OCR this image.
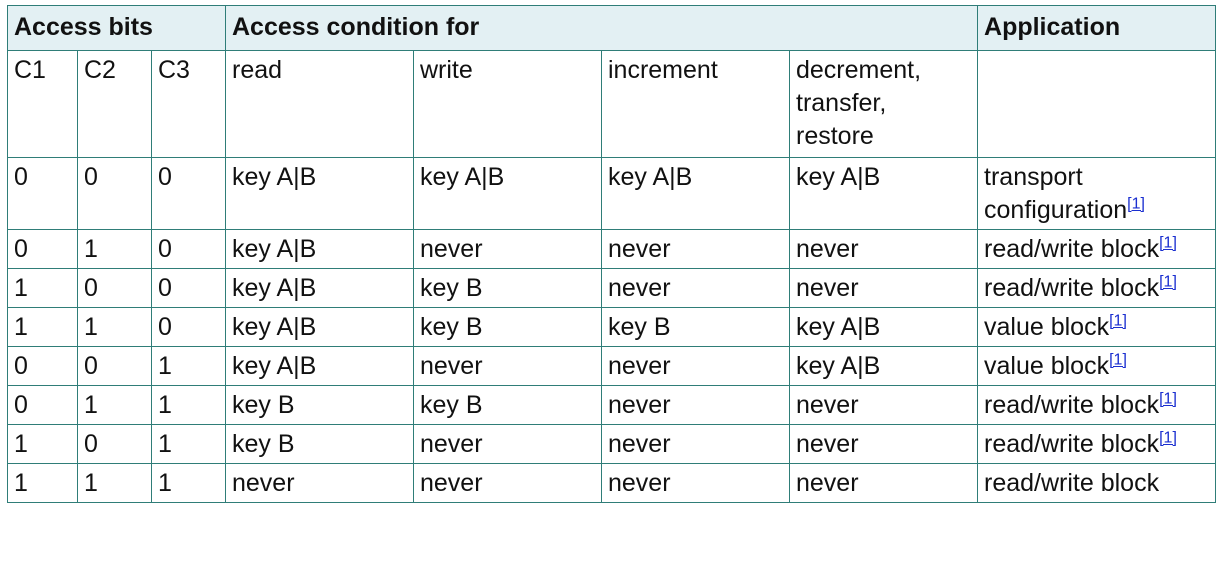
Access bits			Access condition for				Application
C1	C2	C3	read	write	increment	decrement, transfer, restore	
0	0	0	key A|B	key A|B	key A|B	key A|B	transport configuration[1]
0	1	0	key A|B	never	never	never	read/write block[1]
1	0	0	key A|B	key B	never	never	read/write block[1]
1	1	0	key A|B	key B	key B	key A|B	value block[1]
0	0	1	key A|B	never	never	key A|B	value block[1]
0	1	1	key B	key B	never	never	read/write block[1]
1	0	1	key B	never	never	never	read/write block[1]
1	1	1	never	never	never	never	read/write block
